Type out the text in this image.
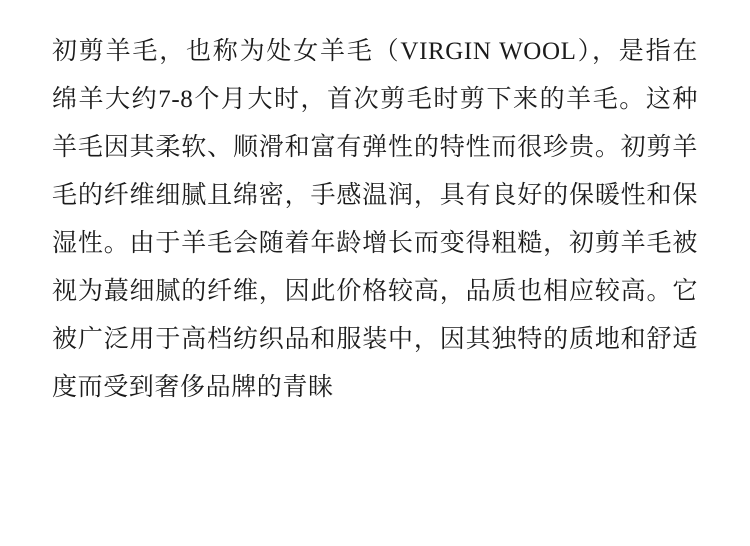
初剪羊毛，也称为处女羊毛（VIRGIN WOOL），是指在绵羊大约7-8个月大时，首次剪毛时剪下来的羊毛。这种羊毛因其柔软、顺滑和富有弹性的特性而很珍贵。初剪羊毛的纤维细腻且绵密，手感温润，具有良好的保暖性和保湿性。由于羊毛会随着年龄增长而变得粗糙，初剪羊毛被视为蕞细腻的纤维，因此价格较高，品质也相应较高。它被广泛用于高档纺织品和服装中，因其独特的质地和舒适度而受到奢侈品牌的青睐
